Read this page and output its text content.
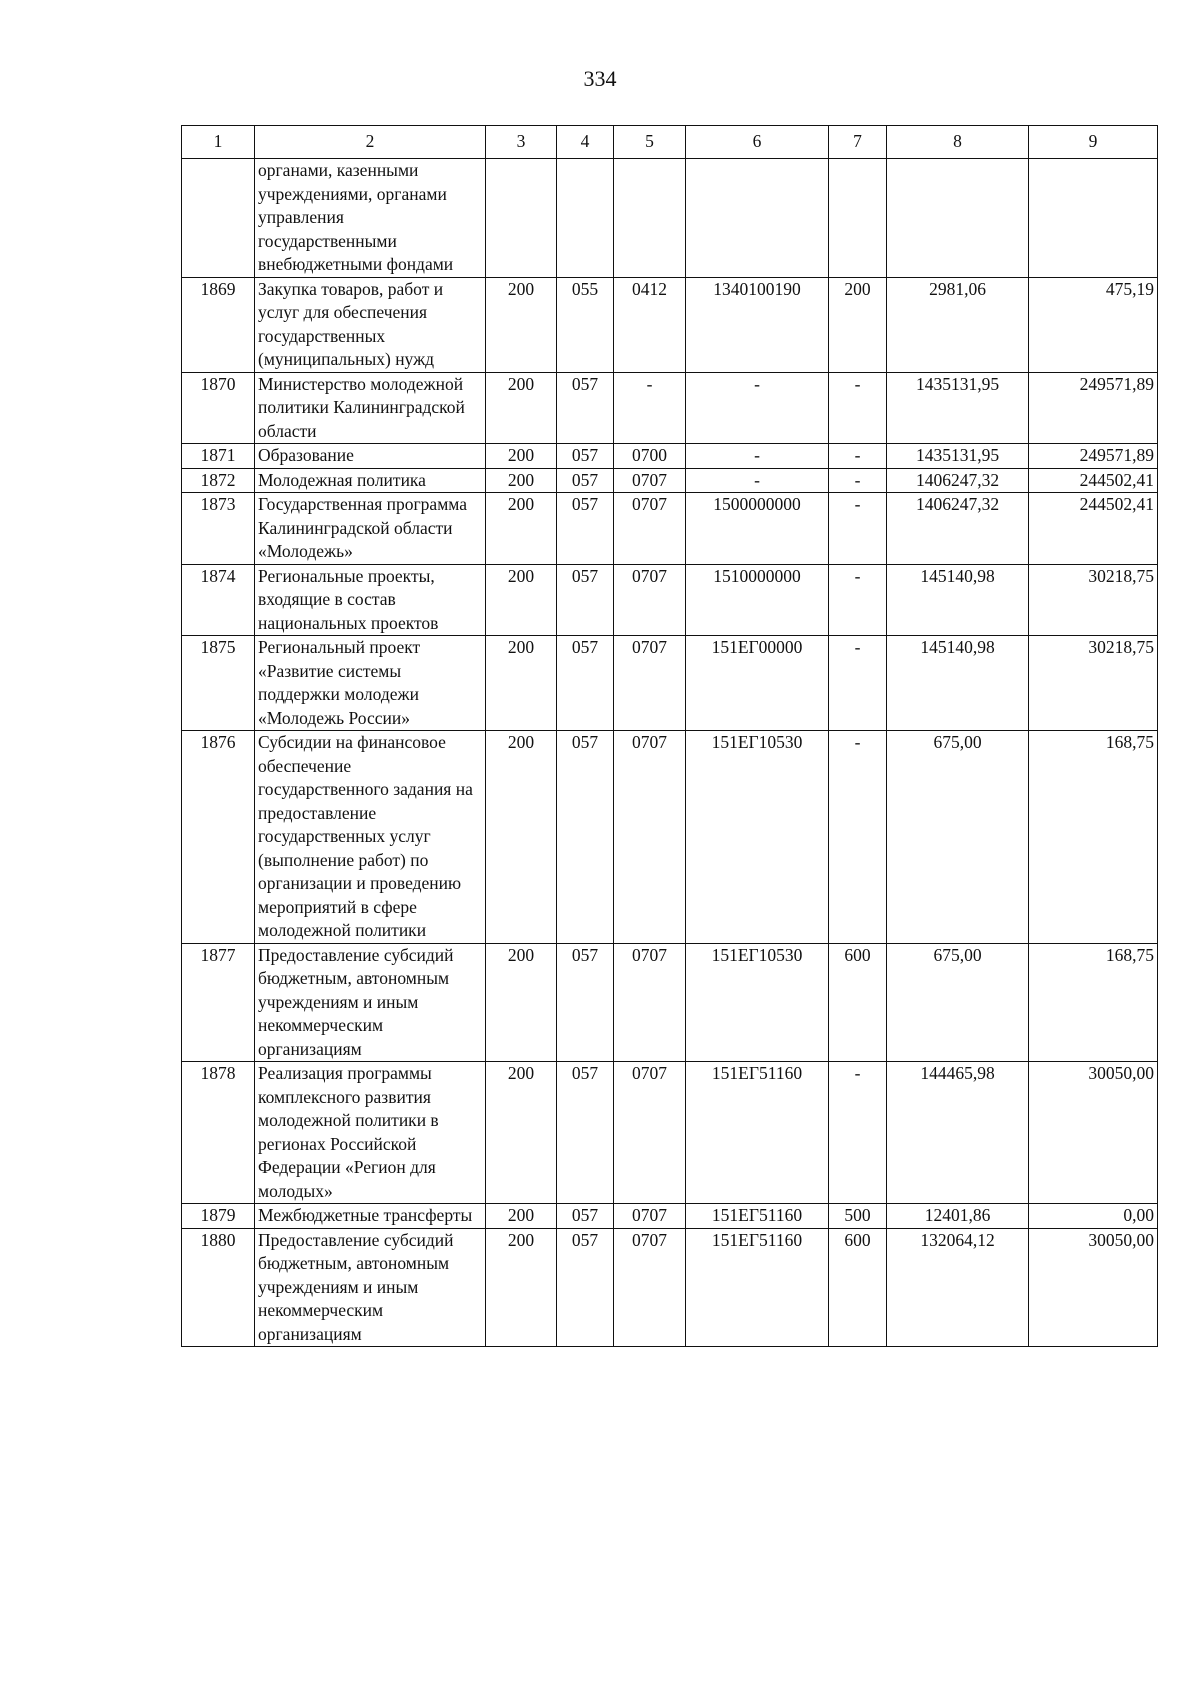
334
1	2	3	4	5	6	7	8	9
	органами, казенными учреждениями, органами управления государственными внебюджетными фондами							
1869	Закупка товаров, работ и услуг для обеспечения государственных (муниципальных) нужд	200	055	0412	1340100190	200	2981,06	475,19
1870	Министерство молодежной политики Калининградской области	200	057	-	-	-	1435131,95	249571,89
1871	Образование	200	057	0700	-	-	1435131,95	249571,89
1872	Молодежная политика	200	057	0707	-	-	1406247,32	244502,41
1873	Государственная программа Калининградской области «Молодежь»	200	057	0707	1500000000	-	1406247,32	244502,41
1874	Региональные проекты, входящие в состав национальных проектов	200	057	0707	1510000000	-	145140,98	30218,75
1875	Региональный проект «Развитие системы поддержки молодежи «Молодежь России»	200	057	0707	151ЕГ00000	-	145140,98	30218,75
1876	Субсидии на финансовое обеспечение государственного задания на предоставление государственных услуг (выполнение работ) по организации и проведению мероприятий в сфере молодежной политики	200	057	0707	151ЕГ10530	-	675,00	168,75
1877	Предоставление субсидий бюджетным, автономным учреждениям и иным некоммерческим организациям	200	057	0707	151ЕГ10530	600	675,00	168,75
1878	Реализация программы комплексного развития молодежной политики в регионах Российской Федерации «Регион для молодых»	200	057	0707	151ЕГ51160	-	144465,98	30050,00
1879	Межбюджетные трансферты	200	057	0707	151ЕГ51160	500	12401,86	0,00
1880	Предоставление субсидий бюджетным, автономным учреждениям и иным некоммерческим организациям	200	057	0707	151ЕГ51160	600	132064,12	30050,00
